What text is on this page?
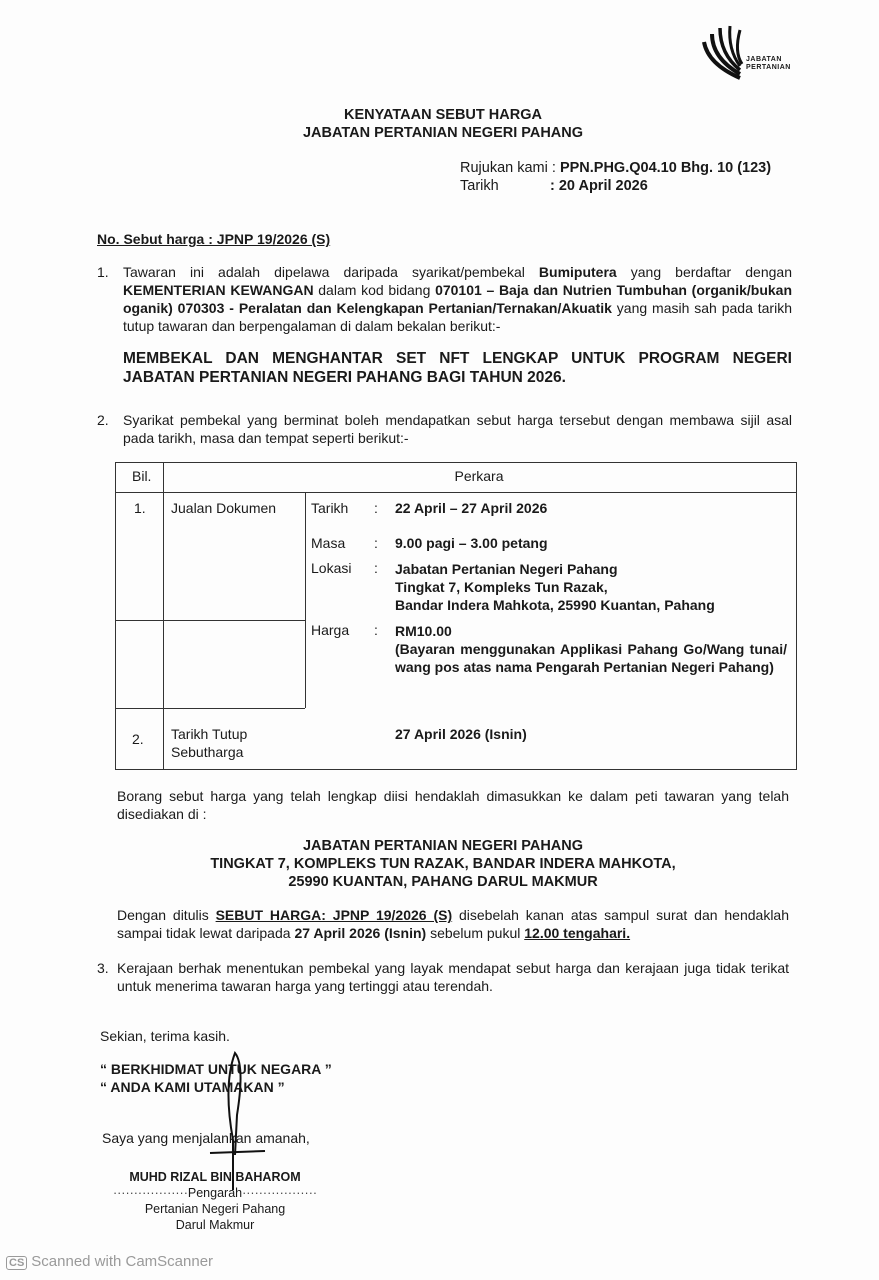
JABATAN
PERTANIAN
KENYATAAN SEBUT HARGA
JABATAN PERTANIAN NEGERI PAHANG
Rujukan kami : PPN.PHG.Q04.10 Bhg. 10 (123)
Tarikh	: 20 April 2026
No. Sebut harga : JPNP 19/2026 (S)
1. Tawaran ini adalah dipelawa daripada syarikat/pembekal Bumiputera yang berdaftar dengan KEMENTERIAN KEWANGAN dalam kod bidang 070101 – Baja dan Nutrien Tumbuhan (organik/bukan oganik) 070303 - Peralatan dan Kelengkapan Pertanian/Ternakan/Akuatik yang masih sah pada tarikh tutup tawaran dan berpengalaman di dalam bekalan berikut:-
MEMBEKAL DAN MENGHANTAR SET NFT LENGKAP UNTUK PROGRAM NEGERI JABATAN PERTANIAN NEGERI PAHANG BAGI TAHUN 2026.
2. Syarikat pembekal yang berminat boleh mendapatkan sebut harga tersebut dengan membawa sijil asal pada tarikh, masa dan tempat seperti berikut:-
Bil.	Perkara
1. Jualan Dokumen Tarikh : 22 April – 27 April 2026
Masa : 9.00 pagi – 3.00 petang
Lokasi : Jabatan Pertanian Negeri Pahang
Tingkat 7, Kompleks Tun Razak,
Bandar Indera Mahkota, 25990 Kuantan, Pahang
Harga : RM10.00
(Bayaran menggunakan Applikasi Pahang Go/Wang tunai/ wang pos atas nama Pengarah Pertanian Negeri Pahang)
2. Tarikh Tutup
Sebutharga
27 April 2026 (Isnin)
Borang sebut harga yang telah lengkap diisi hendaklah dimasukkan ke dalam peti tawaran yang telah disediakan di :
JABATAN PERTANIAN NEGERI PAHANG
TINGKAT 7, KOMPLEKS TUN RAZAK, BANDAR INDERA MAHKOTA,
25990 KUANTAN, PAHANG DARUL MAKMUR
Dengan ditulis SEBUT HARGA: JPNP 19/2026 (S) disebelah kanan atas sampul surat dan hendaklah sampai tidak lewat daripada 27 April 2026 (Isnin) sebelum pukul 12.00 tengahari.
3. Kerajaan berhak menentukan pembekal yang layak mendapat sebut harga dan kerajaan juga tidak terikat untuk menerima tawaran harga yang tertinggi atau terendah.
Sekian, terima kasih.
“ BERKHIDMAT UNTUK NEGARA ”
“ ANDA KAMI UTAMAKAN ”
Saya yang menjalankan amanah,
MUHD RIZAL BIN BAHAROM
··················Pengarah··················
Pertanian Negeri Pahang
Darul Makmur
CS Scanned with CamScanner
